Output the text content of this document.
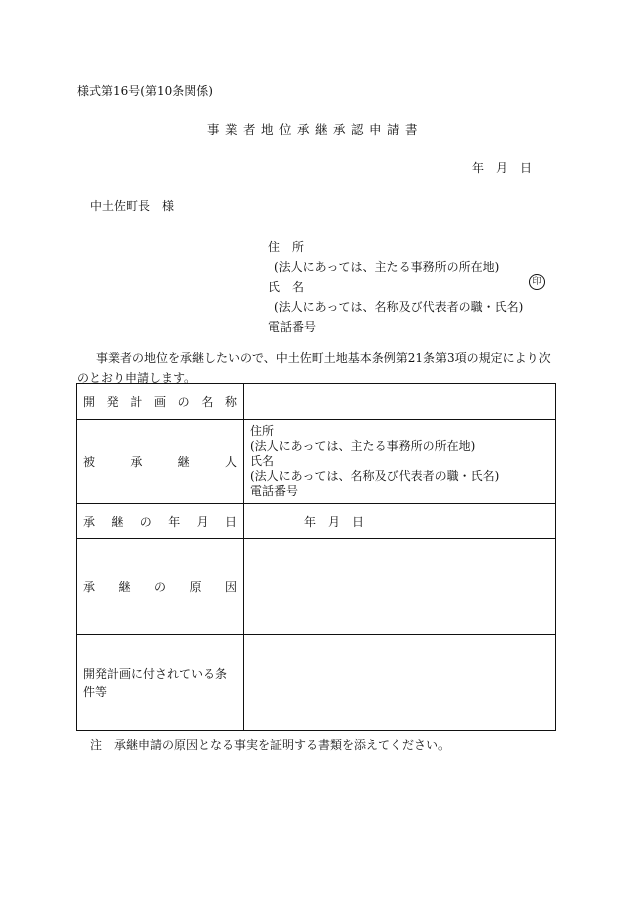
様式第16号(第10条関係)
事業者地位承継承認申請書
年　月　日
中土佐町長　様
住所
(法人にあっては、主たる事務所の所在地)
氏名
(法人にあっては、名称及び代表者の職・氏名)
電話番号
印
事業者の地位を承継したいので、中土佐町土地基本条例第21条第3項の規定により次のとおり申請します。
開発計画の名称	
被承継人	住所
(法人にあっては、主たる事務所の所在地)
氏名
(法人にあっては、名称及び代表者の職・氏名)
電話番号

承継の年月日	年　月　日
承継の原因	
開発計画に付されている条件等	
注　承継申請の原因となる事実を証明する書類を添えてください。
